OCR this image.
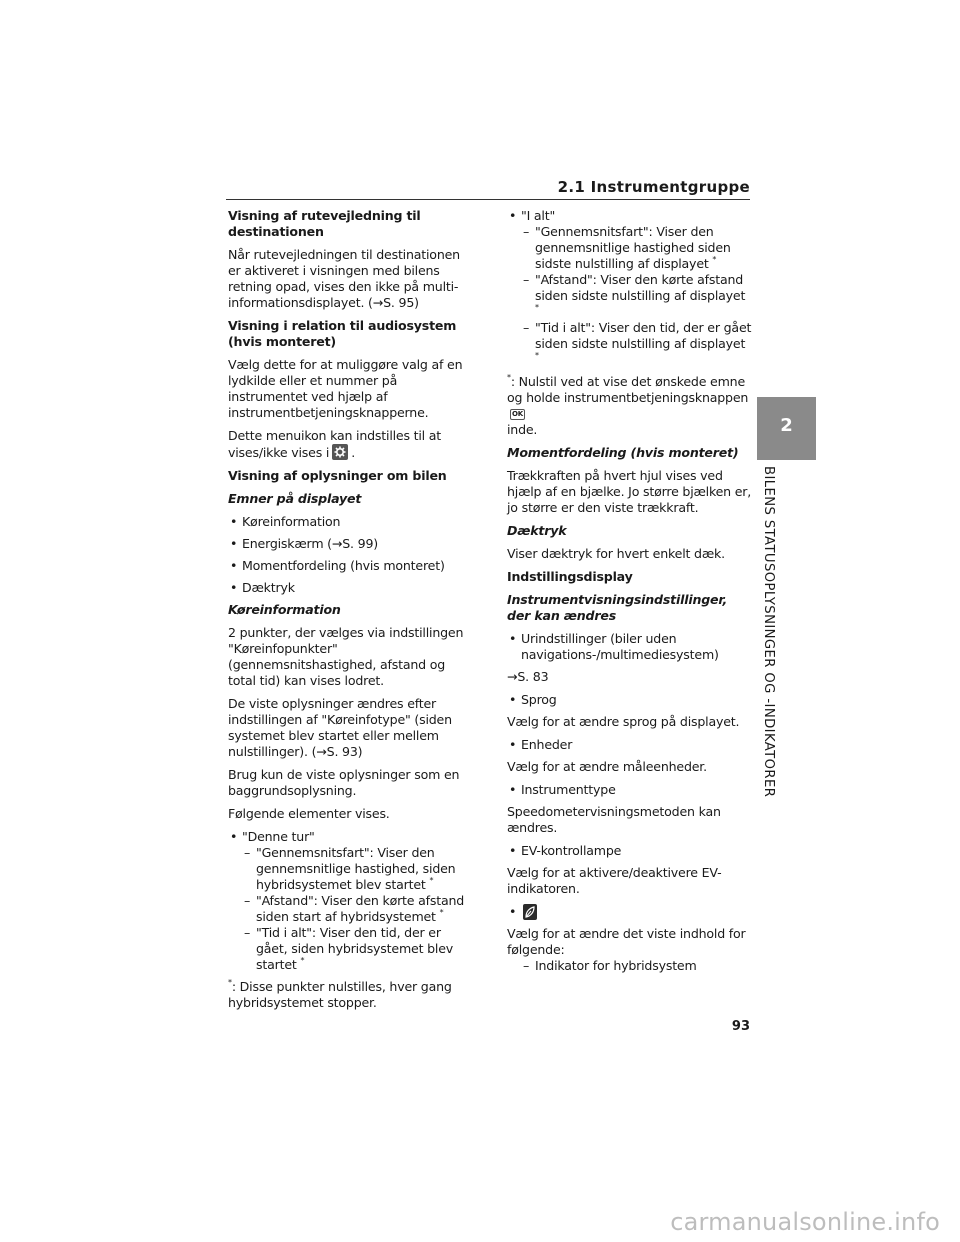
2.1 Instrumentgruppe

Visning af rutevejledning til destinationen

Når rutevejledningen til destinationen er aktiveret i visningen med bilens retning opad, vises den ikke på multi-informationsdisplayet. (→S. 95)

Visning i relation til audiosystem (hvis monteret)

Vælg dette for at muliggøre valg af en lydkilde eller et nummer på instrumentet ved hjælp af instrumentbetjeningsknapperne.

Dette menuikon kan indstilles til at vises/ikke vises i .

Visning af oplysninger om bilen

Emner på displayet

• Køreinformation
• Energiskærm (→S. 99)
• Momentfordeling (hvis monteret)
• Dæktryk

Køreinformation

2 punkter, der vælges via indstillingen "Køreinfopunkter" (gennemsnitshastighed, afstand og total tid) kan vises lodret.

De viste oplysninger ændres efter indstillingen af "Køreinfotype" (siden systemet blev startet eller mellem nulstillinger). (→S. 93)

Brug kun de viste oplysninger som en baggrundsoplysning.

Følgende elementer vises.

• "Denne tur"
– "Gennemsnitsfart": Viser den gennemsnitlige hastighed, siden hybridsystemet blev startet *
– "Afstand": Viser den kørte afstand siden start af hybridsystemet *
– "Tid i alt": Viser den tid, der er gået, siden hybridsystemet blev startet *

*: Disse punkter nulstilles, hver gang hybridsystemet stopper.

• "I alt"
– "Gennemsnitsfart": Viser den gennemsnitlige hastighed siden sidste nulstilling af displayet *
– "Afstand": Viser den kørte afstand siden sidste nulstilling af displayet *
– "Tid i alt": Viser den tid, der er gået siden sidste nulstilling af displayet *

*: Nulstil ved at vise det ønskede emne og holde instrumentbetjeningsknappenOK
inde.

Momentfordeling (hvis monteret)

Trækkraften på hvert hjul vises ved hjælp af en bjælke. Jo større bjælken er, jo større er den viste trækkraft.

Dæktryk

Viser dæktryk for hvert enkelt dæk.

Indstillingsdisplay

Instrumentvisningsindstillinger, der kan ændres

• Urindstillinger (biler uden navigations-/multimediesystem)

→S. 83

• Sprog

Vælg for at ændre sprog på displayet.

• Enheder

Vælg for at ændre måleenheder.

• Instrumenttype

Speedometervisningsmetoden kan ændres.

• EV-kontrollampe

Vælg for at aktivere/deaktivere EV-indikatoren.

•

Vælg for at ændre det viste indhold for følgende:

– Indikator for hybridsystem
2
BILENS STATUSOPLYSNINGER OG -INDIKATORER
93
carmanualsonline.info
